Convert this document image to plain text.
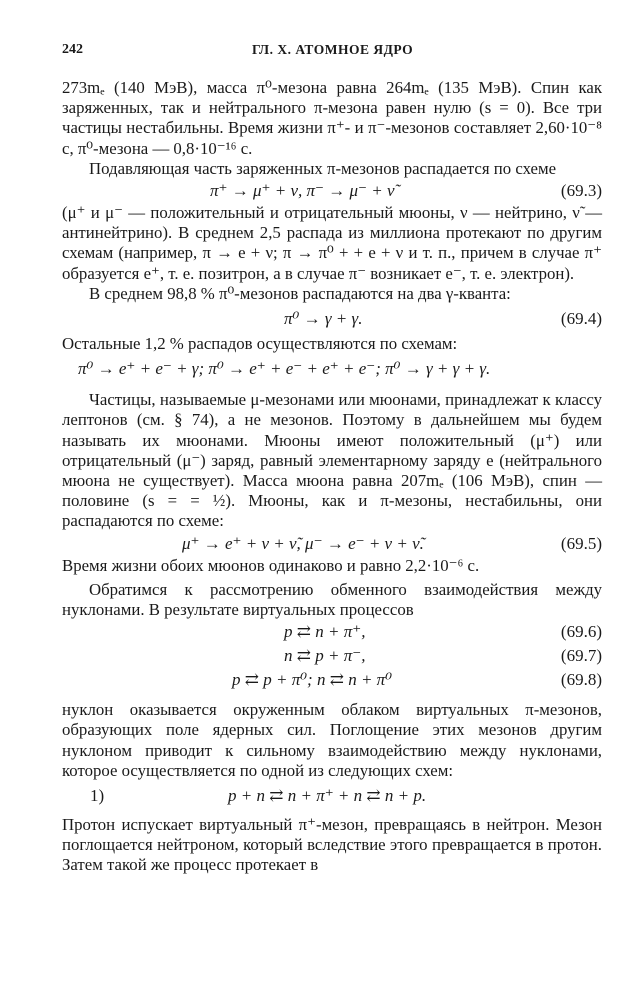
242	ГЛ. X. АТОМНОЕ ЯДРО

273mₑ (140 МэВ), масса π⁰-мезона равна 264mₑ (135 МэВ). Спин как заряженных, так и нейтрального π-мезона равен нулю (s = 0). Все три частицы нестабильны. Время жизни π⁺- и π⁻-мезонов составляет 2,60·10⁻⁸ с, π⁰-мезона — 0,8·10⁻¹⁶ с.

Подавляющая часть заряженных π-мезонов распадается по схеме

π⁺ → μ⁺ + ν, π⁻ → μ⁻ + ν̃	(69.3)

(μ⁺ и μ⁻ — положительный и отрицательный мюоны, ν — нейтрино, ν̃ — антинейтрино). В среднем 2,5 распада из миллиона протекают по другим схемам (например, π → e + ν; π → π⁰ + + e + ν и т. п., причем в случае π⁺ образуется e⁺, т. е. позитрон, а в случае π⁻ возникает e⁻, т. е. электрон).

В среднем 98,8 % π⁰-мезонов распадаются на два γ-кванта:

π⁰ → γ + γ.	(69.4)

Остальные 1,2 % распадов осуществляются по схемам:

π⁰ → e⁺ + e⁻ + γ; π⁰ → e⁺ + e⁻ + e⁺ + e⁻; π⁰ → γ + γ + γ.

Частицы, называемые μ-мезонами или мюонами, принадлежат к классу лептонов (см. § 74), а не мезонов. Поэтому в дальнейшем мы будем называть их мюонами. Мюоны имеют положительный (μ⁺) или отрицательный (μ⁻) заряд, равный элементарному заряду e (нейтрального мюона не существует). Масса мюона равна 207mₑ (106 МэВ), спин — половине (s = = ½). Мюоны, как и π-мезоны, нестабильны, они распадаются по схеме:

μ⁺ → e⁺ + ν + ν̃, μ⁻ → e⁻ + ν + ν̃.	(69.5)

Время жизни обоих мюонов одинаково и равно 2,2·10⁻⁶ с.

Обратимся к рассмотрению обменного взаимодействия между нуклонами. В результате виртуальных процессов

p ⇄ n + π⁺,	(69.6)
n ⇄ p + π⁻,	(69.7)
p ⇄ p + π⁰; n ⇄ n + π⁰	(69.8)

нуклон оказывается окруженным облаком виртуальных π-мезонов, образующих поле ядерных сил. Поглощение этих мезонов другим нуклоном приводит к сильному взаимодействию между нуклонами, которое осуществляется по одной из следующих схем:

1)	p + n ⇄ n + π⁺ + n ⇄ n + p.

Протон испускает виртуальный π⁺-мезон, превращаясь в нейтрон. Мезон поглощается нейтроном, который вследствие этого превращается в протон. Затем такой же процесс протекает в
